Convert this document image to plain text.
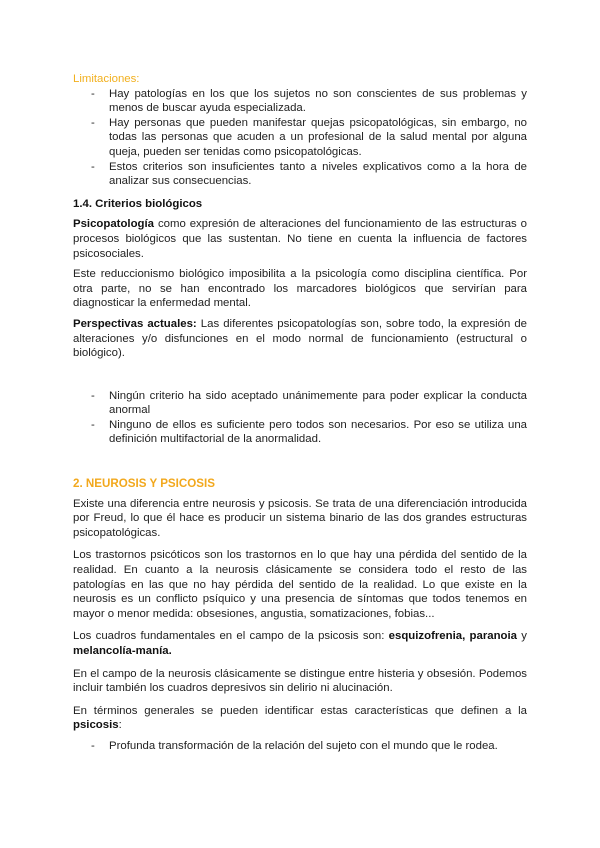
Limitaciones:
- Hay patologías en los que los sujetos no son conscientes de sus problemas y menos de buscar ayuda especializada.
- Hay personas que pueden manifestar quejas psicopatológicas, sin embargo, no todas las personas que acuden a un profesional de la salud mental por alguna queja, pueden ser tenidas como psicopatológicas.
- Estos criterios son insuficientes tanto a niveles explicativos como a la hora de analizar sus consecuencias.
1.4. Criterios biológicos

Psicopatología como expresión de alteraciones del funcionamiento de las estructuras o procesos biológicos que las sustentan. No tiene en cuenta la influencia de factores psicosociales.

Este reduccionismo biológico imposibilita a la psicología como disciplina científica. Por otra parte, no se han encontrado los marcadores biológicos que servirían para diagnosticar la enfermedad mental.

Perspectivas actuales: Las diferentes psicopatologías son, sobre todo, la expresión de alteraciones y/o disfunciones en el modo normal de funcionamiento (estructural o biológico).

- Ningún criterio ha sido aceptado unánimemente para poder explicar la conducta anormal
- Ninguno de ellos es suficiente pero todos son necesarios. Por eso se utiliza una definición multifactorial de la anormalidad.
2. NEUROSIS Y PSICOSIS

Existe una diferencia entre neurosis y psicosis. Se trata de una diferenciación introducida por Freud, lo que él hace es producir un sistema binario de las dos grandes estructuras psicopatológicas.

Los trastornos psicóticos son los trastornos en lo que hay una pérdida del sentido de la realidad. En cuanto a la neurosis clásicamente se considera todo el resto de las patologías en las que no hay pérdida del sentido de la realidad. Lo que existe en la neurosis es un conflicto psíquico y una presencia de síntomas que todos tenemos en mayor o menor medida: obsesiones, angustia, somatizaciones, fobias...

Los cuadros fundamentales en el campo de la psicosis son: esquizofrenia, paranoia y melancolía-manía.

En el campo de la neurosis clásicamente se distingue entre histeria y obsesión. Podemos incluir también los cuadros depresivos sin delirio ni alucinación.

En términos generales se pueden identificar estas características que definen a la psicosis:

- Profunda transformación de la relación del sujeto con el mundo que le rodea.
